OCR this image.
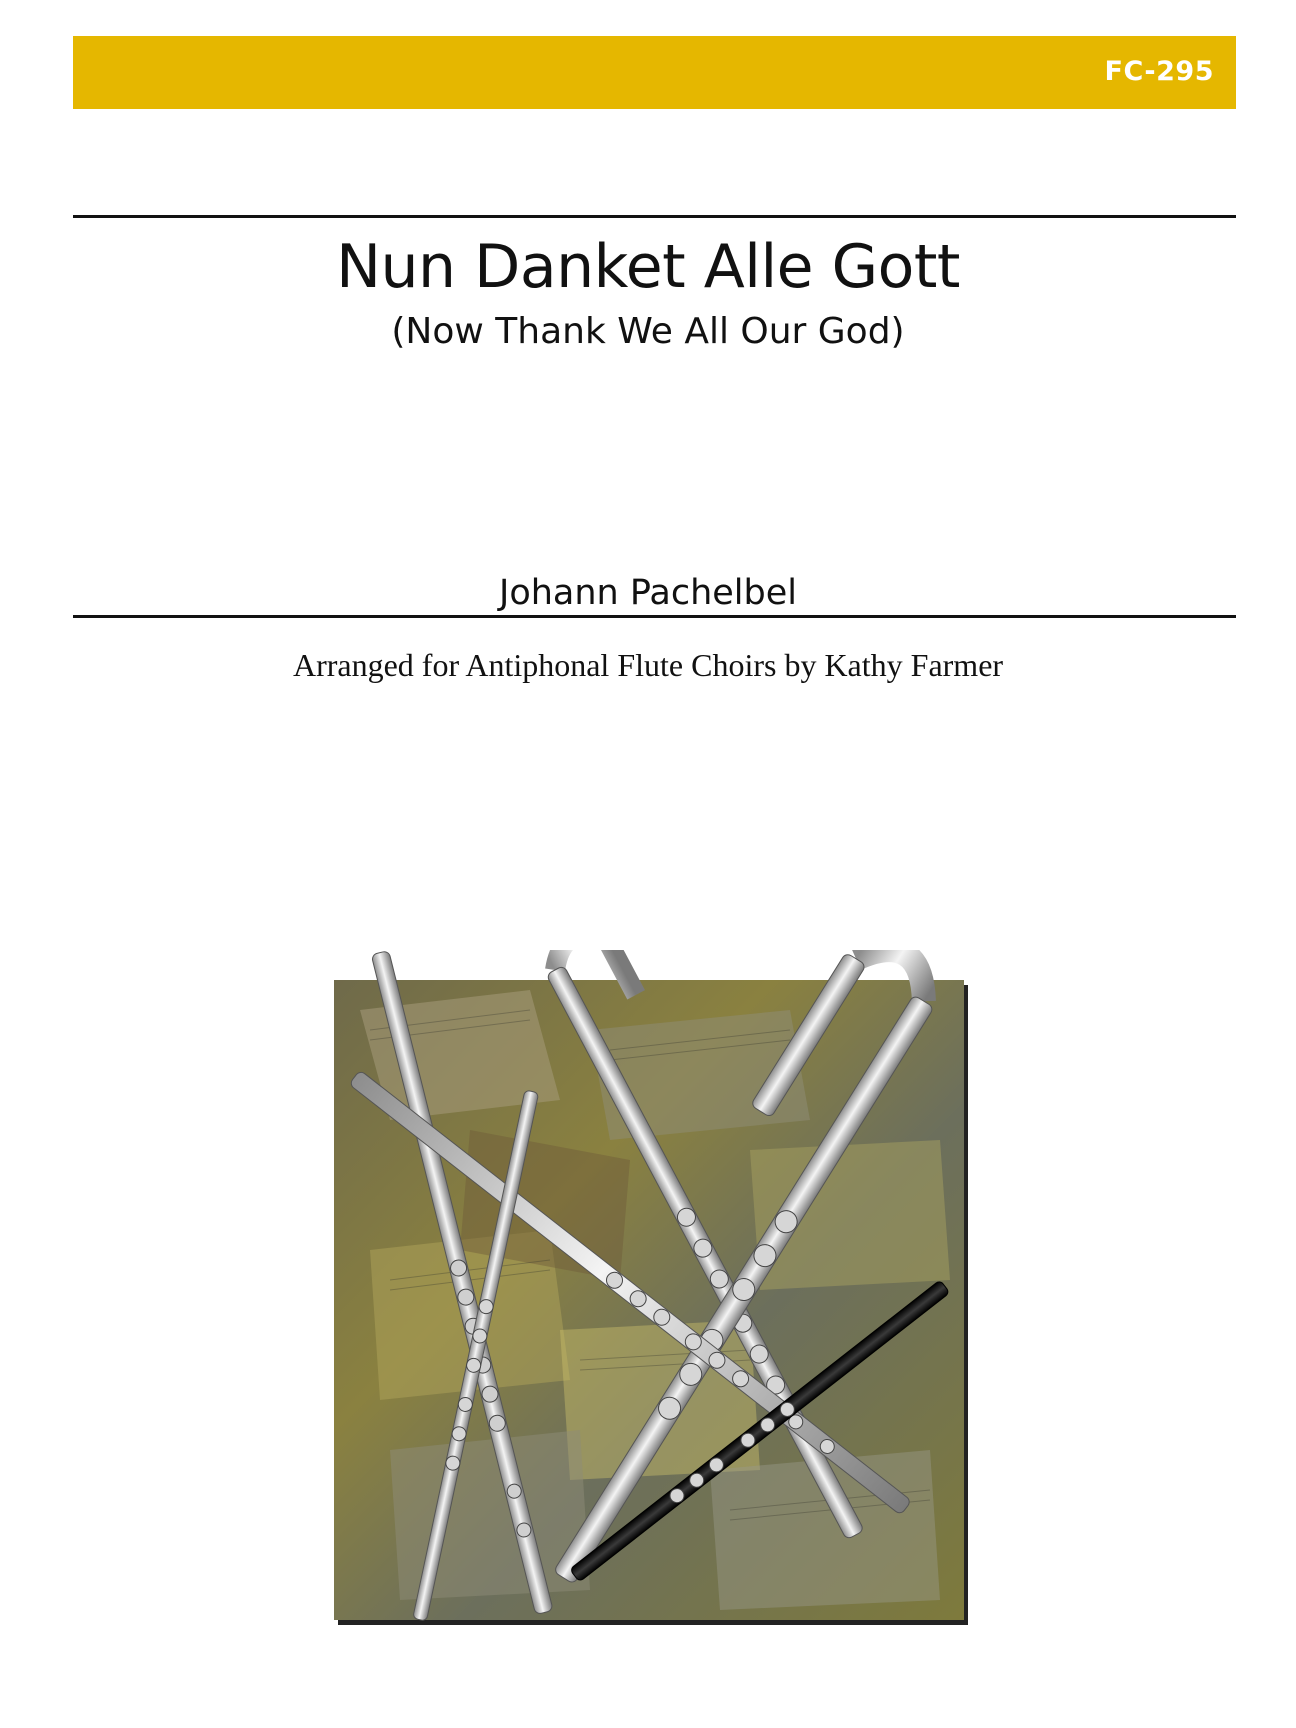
FC-295
Nun Danket Alle Gott
(Now Thank We All Our God)
Johann Pachelbel
Arranged for Antiphonal Flute Choirs by Kathy Farmer
